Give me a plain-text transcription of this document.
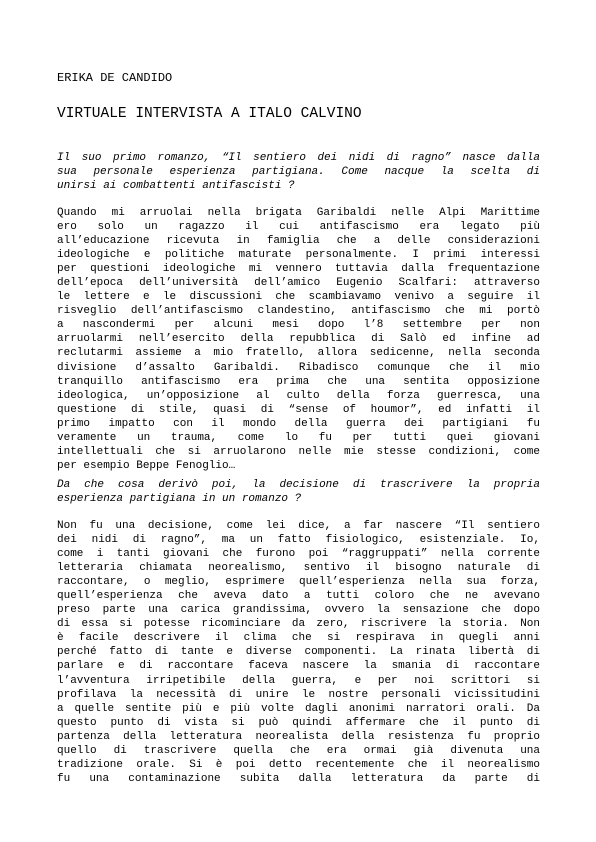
ERIKA DE CANDIDO
VIRTUALE INTERVISTA A ITALO CALVINO
Il suo primo romanzo, “Il sentiero dei nidi di ragno” nasce dalla
sua personale esperienza partigiana. Come nacque la scelta di
unirsi ai combattenti antifascisti ?
Quando mi arruolai nella brigata Garibaldi nelle Alpi Marittime
ero solo un ragazzo il cui antifascismo era legato più
all’educazione ricevuta in famiglia che a delle considerazioni
ideologiche e politiche maturate personalmente. I primi interessi
per questioni ideologiche mi vennero tuttavia dalla frequentazione
dell’epoca dell’università dell’amico Eugenio Scalfari: attraverso
le lettere e le discussioni che scambiavamo venivo a seguire il
risveglio dell’antifascismo clandestino, antifascismo che mi portò
a nascondermi per alcuni mesi dopo l’8 settembre per non
arruolarmi nell’esercito della repubblica di Salò ed infine ad
reclutarmi assieme a mio fratello, allora sedicenne, nella seconda
divisione d’assalto Garibaldi. Ribadisco comunque che il mio
tranquillo antifascismo era prima che una sentita opposizione
ideologica, un’opposizione al culto della forza guerresca, una
questione di stile, quasi di “sense of houmor”, ed infatti il
primo impatto con il mondo della guerra dei partigiani fu
veramente un trauma, come lo fu per tutti quei giovani
intellettuali che si arruolarono nelle mie stesse condizioni, come
per esempio Beppe Fenoglio…
Da che cosa derivò poi, la decisione di trascrivere la propria
esperienza partigiana in un romanzo ?
Non fu una decisione, come lei dice, a far nascere “Il sentiero
dei nidi di ragno”, ma un fatto fisiologico, esistenziale. Io,
come i tanti giovani che furono poi “raggruppati” nella corrente
letteraria chiamata neorealismo, sentivo il bisogno naturale di
raccontare, o meglio, esprimere quell’esperienza nella sua forza,
quell’esperienza che aveva dato a tutti coloro che ne avevano
preso parte una carica grandissima, ovvero la sensazione che dopo
di essa si potesse ricominciare da zero, riscrivere la storia. Non
è facile descrivere il clima che si respirava in quegli anni
perché fatto di tante e diverse componenti. La rinata libertà di
parlare e di raccontare faceva nascere la smania di raccontare
l’avventura irripetibile della guerra, e per noi scrittori si
profilava la necessità di unire le nostre personali vicissitudini
a quelle sentite più e più volte dagli anonimi narratori orali. Da
questo punto di vista si può quindi affermare che il punto di
partenza della letteratura neorealista della resistenza fu proprio
quello di trascrivere quella che era ormai già divenuta una
tradizione orale. Si è poi detto recentemente che il neorealismo
fu una contaminazione subita dalla letteratura da parte di
